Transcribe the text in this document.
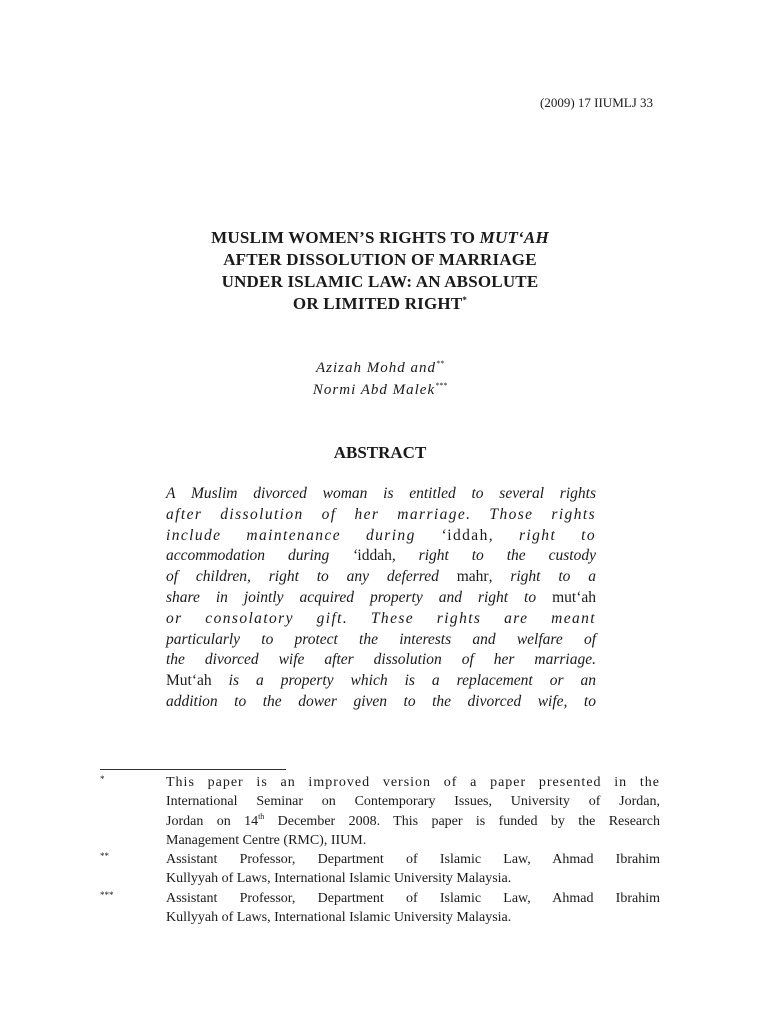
(2009) 17 IIUMLJ 33
MUSLIM WOMEN’S RIGHTS TO MUT‘AH
AFTER DISSOLUTION OF MARRIAGE
UNDER ISLAMIC LAW: AN ABSOLUTE
OR LIMITED RIGHT*
Azizah Mohd and**
Normi Abd Malek***
ABSTRACT
A Muslim divorced woman is entitled to several rights
after dissolution of her marriage. Those rights
include maintenance during ‘iddah, right to
accommodation during ‘iddah, right to the custody
of children, right to any deferred mahr, right to a
share in jointly acquired property and right to mut‘ah
or consolatory gift. These rights are meant
particularly to protect the interests and welfare of
the divorced wife after dissolution of her marriage.
Mut‘ah is a property which is a replacement or an
addition to the dower given to the divorced wife, to
*	This paper is an improved version of a paper presented in the
International Seminar on Contemporary Issues, University of Jordan,
Jordan on 14th December 2008. This paper is funded by the Research
Management Centre (RMC), IIUM.
**	Assistant Professor, Department of Islamic Law, Ahmad Ibrahim
Kullyyah of Laws, International Islamic University Malaysia.
***	Assistant Professor, Department of Islamic Law, Ahmad Ibrahim
Kullyyah of Laws, International Islamic University Malaysia.
